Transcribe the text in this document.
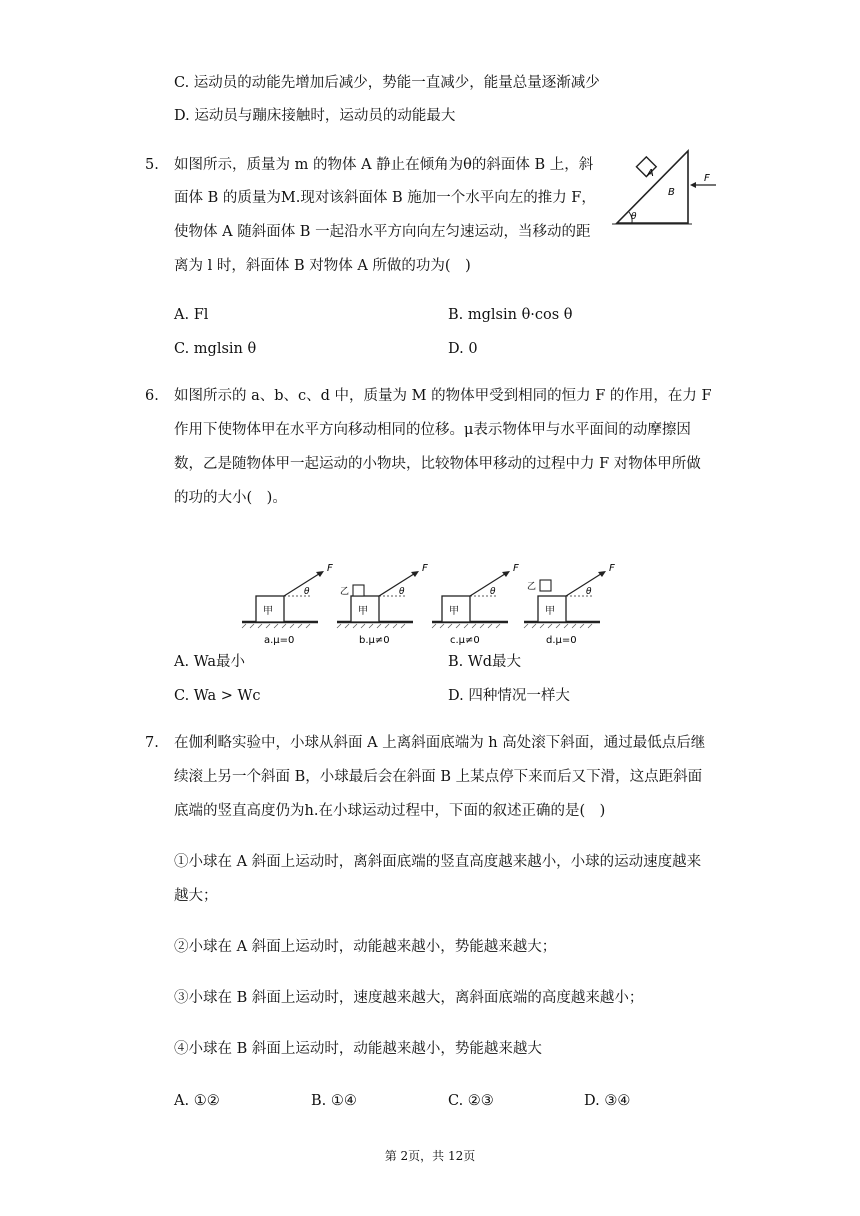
C. 运动员的动能先增加后减少，势能一直减少，能量总量逐渐减少
D. 运动员与蹦床接触时，运动员的动能最大
5. 如图所示，质量为 m 的物体 A 静止在倾角为θ的斜面体 B 上，斜
面体 B 的质量为M.现对该斜面体 B 施加一个水平向左的推力 F，
使物体 A 随斜面体 B 一起沿水平方向向左匀速运动，当移动的距
离为 l 时，斜面体 B 对物体 A 所做的功为(　)
A
B
θ
F
A. Fl	B. mglsin θ·cos θ
C. mglsin θ	D. 0
6. 如图所示的 a、b、c、d 中，质量为 M 的物体甲受到相同的恒力 F 的作用，在力 F
作用下使物体甲在水平方向移动相同的位移。μ表示物体甲与水平面间的动摩擦因
数，乙是随物体甲一起运动的小物块，比较物体甲移动的过程中力 F 对物体甲所做
的功的大小(　)。
甲
F
θ
a.μ=0
乙
甲
F
θ
b.μ≠0
甲
F
θ
c.μ≠0
乙
甲
F
θ
d.μ=0
A. Wa最小	B. Wd最大
C. Wa > Wc	D. 四种情况一样大
7. 在伽利略实验中，小球从斜面 A 上离斜面底端为 h 高处滚下斜面，通过最低点后继
续滚上另一个斜面 B，小球最后会在斜面 B 上某点停下来而后又下滑，这点距斜面
底端的竖直高度仍为h.在小球运动过程中，下面的叙述正确的是(　)
①小球在 A 斜面上运动时，离斜面底端的竖直高度越来越小，小球的运动速度越来
越大；
②小球在 A 斜面上运动时，动能越来越小，势能越来越大；
③小球在 B 斜面上运动时，速度越来越大，离斜面底端的高度越来越小；
④小球在 B 斜面上运动时，动能越来越小，势能越来越大
A. ①②	B. ①④	C. ②③	D. ③④
第 2页，共 12页
